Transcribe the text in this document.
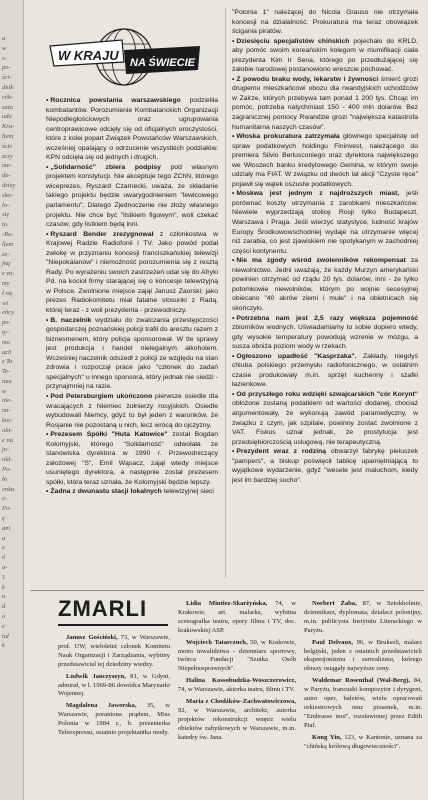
a
w
s-
po-
ści-
dnik
rób-
zata
uda
Kra-
ltem
ście
zczy
me-
do-
dziey
sko-
ło-
się
to.
-Ro-
llem
ze-
jną
e za-
my
ł się
wi
eńcy
po-
ty-
mo
ach
z Ta
Te-
nau
w
nie-
mi-
kro-
obi-
e na
jo-
old-
Po-
łn
enka
e-
Po-
ę
ani
a
e
ó
a-
1
k
o
d
o
e
tał
k
W KRAJU NA ŚWIECIE

• Rocznica powstania warszawskiego podzieliła kombatantów. Porozumienie Kombatanckich Organizacji Niepodległościowych oraz ugrupowania centroprawicowe odcięły się od oficjalnych uroczystości, które z kolei popart Związek Powstańców Warszawskich, wcześniej opalający o odrzucenie wszystkich podziałów. KPN odcięła się od jednych i drugich.

• „Solidarność" zbiera podpisy pod własnym projektem konstytucji. Nie akceptuje tego ZChN, którego wiceprezes, Ryszard Czarnecki, uważa, że składanie takiego projektu będzie uwarygodnieniem "lewicowego parlamentu". Dlatego Zjednoczenie nie złoży własnego projektu. Nie chce być "listkiem figowym", woli czekać czasów, gdy listkiem będą inni.

• Ryszard Bender zrezygnował z członkostwa w Krajowej Radzie Radiofonii i TV. Jako powód podał zwłokę w przyznaniu koncesji franciszkańskiej telewizji "Niepokalanów" i niemożność porozumienia się z resztą Rady. Po wyrażeniu swoich zastrzeżeń udał się do Afryki Pd. na kocioł firmy starającej się o koncesje telewizyjną w Polsce. Zwolnione miejsce zajął Janusz Zaorski; jako prezes Radiokomitetu miał fatalne stosunki z Radą, której teraz - z woli prezydenta - przewodniczy.

• B. naczelnik wydziału do zwalczania przestępczości gospodarczej poznańskiej policji trafił do aresztu razem z biznesmenem, który policja sponsorował. W tle sprawy jest produkcja i handel nielegalnym alkoholem. Wcześniej naczelnik odszedł z policji ze względu na stan zdrowia i rozpoczął prace jako "członek do zadań specjalnych" u innego sponsora, który jednak nie siedzi - przynajmniej na razie.

• Pod Petersburgiem ukończono pierwsze osiedle dla wracających z Niemiec żołnierzy rosyjskich. Osiedle wybudowali Niemcy, gdyż to był jeden z warunków, że Rosjanie nie pozostaną u nich, lecz wrócą do ojczyzny.

• Prezesem Spółki "Huta Katowice" został Bogdan Kołomyjski, którego "Solidarność" odwołała ze stanowiska dyrektora w 1990 r. Przewodniczący założowej "S", Emil Wąsacz, zajął wtedy miejsce usuniętego dyrektora, a następnie został prezesem spółki, która teraz uznała, że Kołomyjski będzie lepszy.

• Żadna z dwunastu stacji lokalnych telewizyjnej sieci

"Polonia 1" należącej do Nicola Grauso nie otrzymała koncesji na działalność. Prokuratura ma teraz obowiązek ścigania piratów.

• Dziesięciu specjalistów chińskich pojechało do KRLD, aby pomóc swoim koreańskim kolegom w mumifikacji ciała prezydenta Kim Ir Sena, którego po przedłużającej się żałobie narodowej postanowiono wreszcie pochować.

• Z powodu braku wody, lekarstw i żywności śmierć grozi drugiemu mieszkańcowi obozu dla rwandyjskich uchodźców w Zairze, których przebywa tam ponad 1 200 tys. Chcąc im pomóc, potrzeba natychmiast 150 - 400 mln dolarów. Bez zagranicznej pomocy Rwandzie grozi "największa katastrofa humanitarna naszych czasów".

• Włoska prokuratura zatrzymała głównego specjalistę od spraw podatkowych holdingu Fininvest, należącego do premiera Silvio Berlusconiego oraz dyrektora największego we Włoszech banku kredytowego Gemina, w którym swoje udziały ma FIAT. W związku od dwóch lat akcji "Czyste ręce" pojawił się wątek oszustw podatkowych.

• Moskwa jest jednym z najdroższych miast, jeśli porównać koszty utrzymania z zarobkami mieszkańców. Niewiele wyprzedzają stolicę Rosji tylko Budapeszt, Warszawa i Praga. Jeśli wierzyć statystyce, ludność krajów Europy Środkowowschodniej wydaje na utrzymanie więcej niż zarabia, co jest zjawiskiem nie spotykanym w zachodniej części kontynentu.

• Nie ma zgody wśród zwolenników rekompensat za niewolnictwo. Jedni uważają, że każdy Murzyn amerykański powinien otrzymać od rządu 20 tys. dolarów, inni - że tylko potomkowie niewolników, którym po wojnie secesyjnej obiecano "40 akrów ziemi i mułe" i na obietnicach się skończyło.

• Potrzebna nam jest 2,5 razy większa pojemność zbiorników wodnych. Uświadamiamy to sobie dopiero wtedy, gdy wysokie temperatury powodują wzrenie w mózgu, a susza obniża poziom wody w rzekach.

• Ogłoszono upadłość "Kasprzaka". Zakłady, niegdyś chluba polskiego przemysłu radiofonicznego, w ostatnim czasie produkowały m.in. sprzęt kuchenny i szafki łazienkowe.

• Od przyszłego roku wdzięki szwajcarskich "cór Korynt" obłożone zostaną podatkiem od wartości dodanej, chociaż argumentowały, że wykonują zawód paramedyczny, w związku z czym, jak szpitale, powinny zostać zwolnione z VAT. Fiskus uznał jednak, że prostytucja jest przedsiębiorczością uslugową, nie terapeutyczną.

• Prezydent wraz z rodziną obwarzył fabrykę pieluszek "pampers", a biskup poświęcił tablicę upamiętniającą to wyjątkowe wydarzenie, gdyż "wesele jest maluchom, kiedy jest im bardziej sucho".

ZMARLI

Janusz Gościński, 73, w Warszawie, prof. UW, wieloletni członek Komitetu Nauk Organizacji i Zarządzania, wybitny przedstawiciel tej dziedziny wiedzy.

Ludwik Janczyszyn, 81, w Gdyni, admirał, w l. 1969-86 dowódca Marynarki Wojennej.

Magdalena Jaworska, 35, w Warszawie, poraniona prądem, Miss Polonia w 1984 r., b. prezenterka Teleexpressu, ostatnio projektantka mody.

Lidia Mintiez-Skarżyńska, 74, w Krakowie, art. malarka, wybitna scenografka teatru, opery filmu i TV, doc. krakowskiej ASP.

Wojciech Tatarczuch, 50, w Krakowie, mono inwalidztwa - dzienniarz sportowy, twórca Fundacji "Szutka Osób Niepełnosprawnych".

Halina Kossobudzka-Woszczerowicz, 74, w Warszawie, aktorka teatru, filmu i TV.

Maria z Chodźków-Zachwatowiczowa, 92, w Warszawie, architekt, autorka projektów rekonstrukcji wnętrz wielu obiektów zabytkowych w Warszawie, m.in. katedry św. Jana.

Norbert Żaba, 87, w Sztokholmie, dziennikarz, dyplomata, działacz polonijny, m.in. publicysta Instytutu Literackiego w Paryżu.

Paul Delvaux, 96, w Brukseli, malarz belgijski, jeden z ostatnich przedstawicieli ekspresjonizmu i surrealizmu, którego obrazy osiągały najwyższe ceny.

Waldemar Rosenthal (Wal-Berg), 84, w Paryżu, francuski kompozytor i dyrygent, autor oper, baletów, wielu opracowań orkiestrowych oraz piosenek, m.in. "Embrasse moi", rozsławionej przez Edith Piaf.

Kong Yin, 123, w Kantonie, uznana za "chińską królową długowieczności".
